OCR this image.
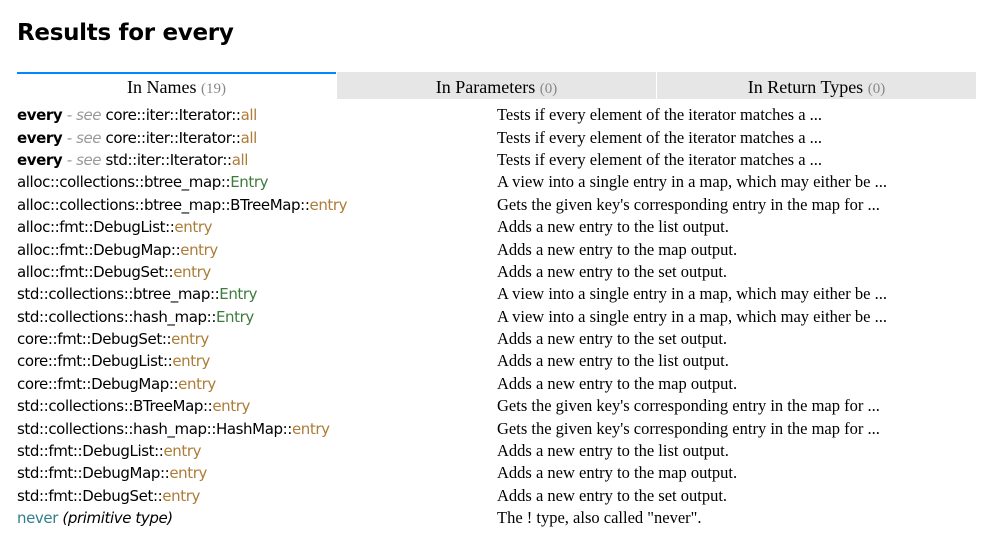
Results for every
In Names (19)	In Parameters (0)	In Return Types (0)
every - see core::iter::Iterator::all	Tests if every element of the iterator matches a ...
every - see core::iter::Iterator::all	Tests if every element of the iterator matches a ...
every - see std::iter::Iterator::all	Tests if every element of the iterator matches a ...
alloc::collections::btree_map::Entry	A view into a single entry in a map, which may either be ...
alloc::collections::btree_map::BTreeMap::entry	Gets the given key's corresponding entry in the map for ...
alloc::fmt::DebugList::entry	Adds a new entry to the list output.
alloc::fmt::DebugMap::entry	Adds a new entry to the map output.
alloc::fmt::DebugSet::entry	Adds a new entry to the set output.
std::collections::btree_map::Entry	A view into a single entry in a map, which may either be ...
std::collections::hash_map::Entry	A view into a single entry in a map, which may either be ...
core::fmt::DebugSet::entry	Adds a new entry to the set output.
core::fmt::DebugList::entry	Adds a new entry to the list output.
core::fmt::DebugMap::entry	Adds a new entry to the map output.
std::collections::BTreeMap::entry	Gets the given key's corresponding entry in the map for ...
std::collections::hash_map::HashMap::entry	Gets the given key's corresponding entry in the map for ...
std::fmt::DebugList::entry	Adds a new entry to the list output.
std::fmt::DebugMap::entry	Adds a new entry to the map output.
std::fmt::DebugSet::entry	Adds a new entry to the set output.
never (primitive type)	The ! type, also called "never".
